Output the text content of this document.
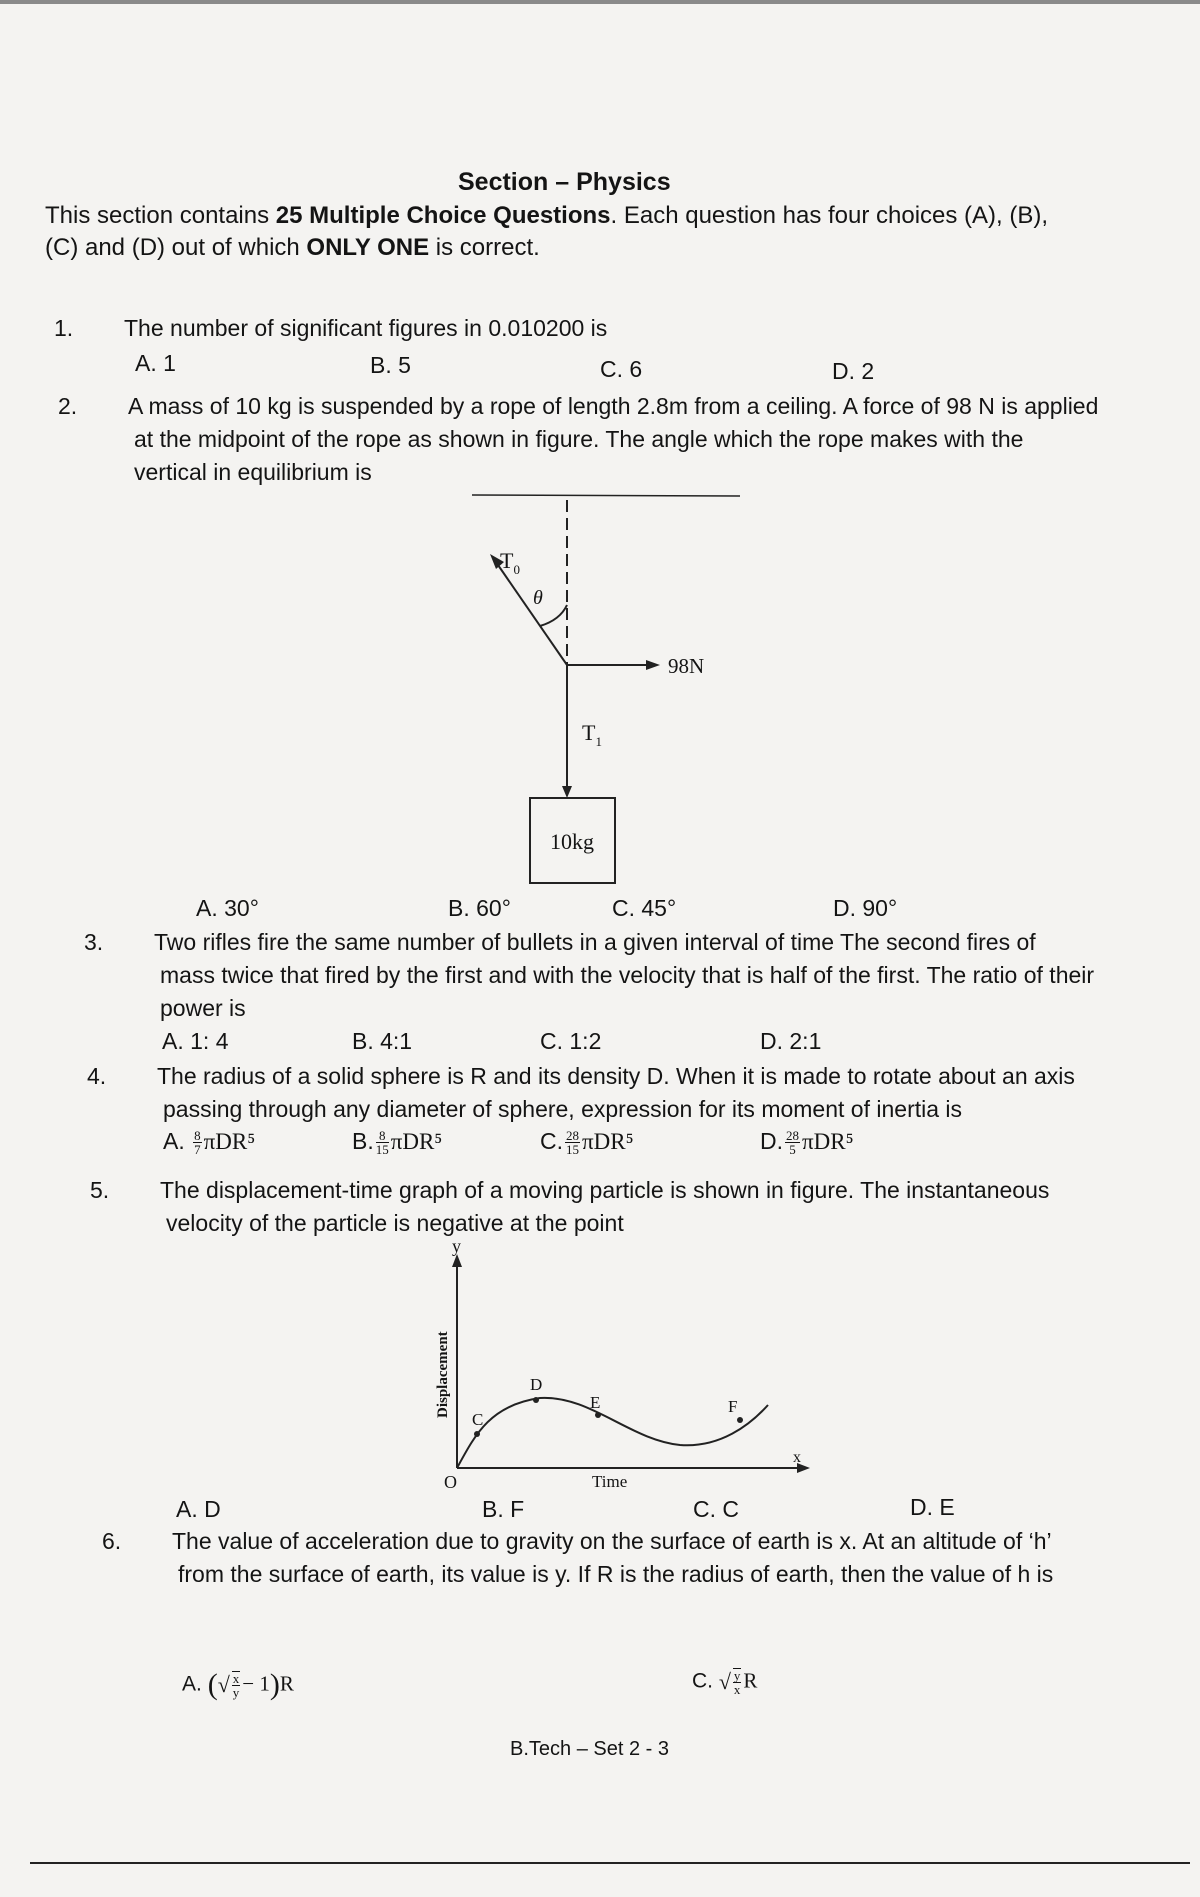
Section – Physics
This section contains 25 Multiple Choice Questions. Each question has four choices (A), (B), (C) and (D) out of which ONLY ONE is correct.
1. The number of significant figures in 0.010200 is
A. 1	B. 5	C. 6	D. 2
2. A mass of 10 kg is suspended by a rope of length 2.8m from a ceiling. A force of 98 N is applied at the midpoint of the rope as shown in figure. The angle which the rope makes with the vertical in equilibrium is
$T_0$
θ
98N
$T_1$
10kg
A. 30°	B. 60°	C. 45°	D. 90°
3. Two rifles fire the same number of bullets in a given interval of time The second fires of mass twice that fired by the first and with the velocity that is half of the first. The ratio of their power is
A. 1: 4	B. 4:1	C. 1:2	D. 2:1
4. The radius of a solid sphere is R and its density D. When it is made to rotate about an axis passing through any diameter of sphere, expression for its moment of inertia is
A. $\frac{8}{7} \pi DR^5$	B. $\frac{8}{15} \pi DR^5$	C. $\frac{28}{15} \pi DR^5$	D. $\frac{28}{5} \pi DR^5$
5. The displacement-time graph of a moving particle is shown in figure. The instantaneous velocity of the particle is negative at the point
y
x
O
Displacement
Time
C
D
E	F
A. D	B. F	C. C	D. E
6. The value of acceleration due to gravity on the surface of earth is x. At an altitude of ‘h’ from the surface of earth, its value is y. If R is the radius of earth, then the value of h is
A. (√ $\frac{x}{y} - 1)R$	C. √ $\frac{y}{x}$ R
B.Tech – Set 2 - 3
